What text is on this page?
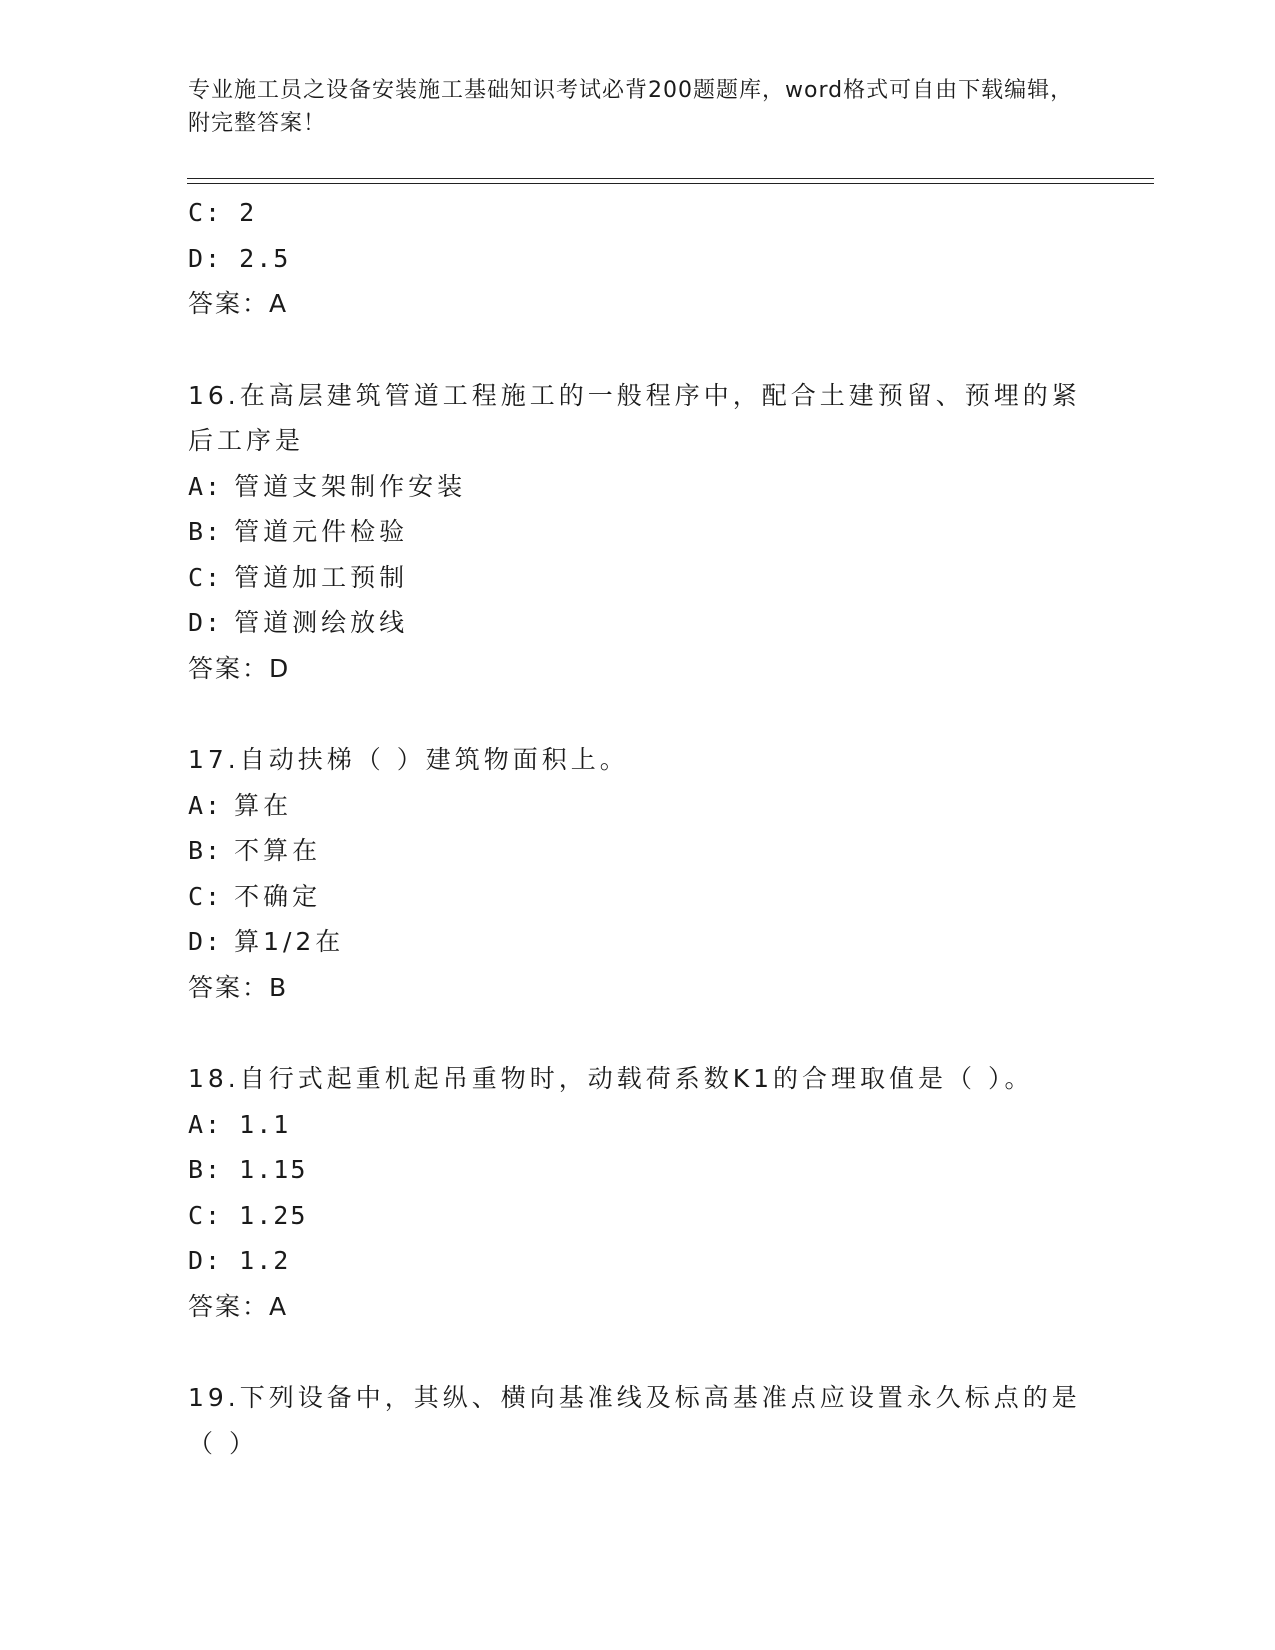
专业施工员之设备安装施工基础知识考试必背200题题库，word格式可自由下载编辑，附完整答案！
C: 2
D: 2.5
答案：A
16.在高层建筑管道工程施工的一般程序中，配合土建预留、预埋的紧后工序是
A: 管道支架制作安装
B: 管道元件检验
C: 管道加工预制
D: 管道测绘放线
答案：D
17.自动扶梯（ ）建筑物面积上。
A: 算在
B: 不算在
C: 不确定
D: 算1/2在
答案：B
18.自行式起重机起吊重物时，动载荷系数K1的合理取值是（ ）。
A: 1.1
B: 1.15
C: 1.25
D: 1.2
答案：A
19.下列设备中，其纵、横向基准线及标高基准点应设置永久标点的是（ ）
